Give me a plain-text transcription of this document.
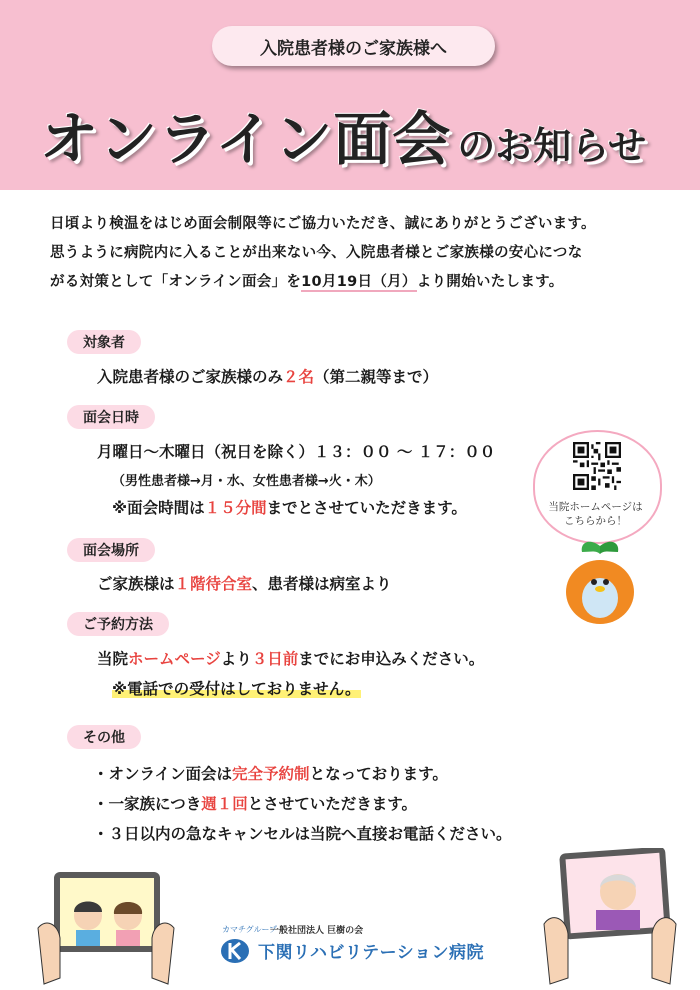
入院患者様のご家族様へ
オンライン面会 のお知らせ
日頃より検温をはじめ面会制限等にご協力いただき、誠にありがとうございます。
思うように病院内に入ることが出来ない今、入院患者様とご家族様の安心につな
がる対策として「オンライン面会」を10月19日（月）より開始いたします。
対象者
入院患者様のご家族様のみ２名（第二親等まで）
面会日時
月曜日～木曜日（祝日を除く）１３：００ ～ １７：００
（男性患者様→月・水、女性患者様→火・木）
※面会時間は１５分間までとさせていただきます。
面会場所
ご家族様は１階待合室、患者様は病室より
ご予約方法
当院ホームページより３日前までにお申込みください。
※電話での受付はしておりません。
その他
・オンライン面会は完全予約制となっております。
・一家族につき週１回とさせていただきます。
・３日以内の急なキャンセルは当院へ直接お電話ください。
当院ホームページは
こちらから！
カマチグループ
一般社団法人 巨樹の会
下関リハビリテーション病院
